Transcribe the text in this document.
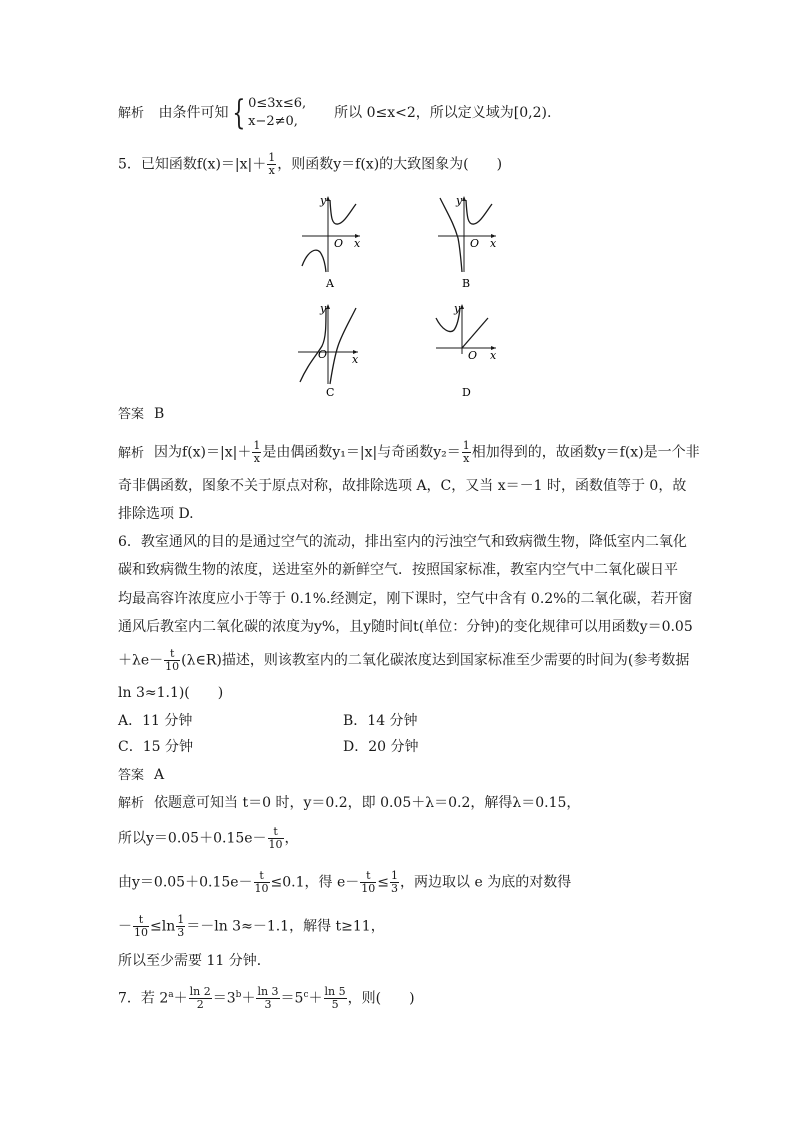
解析 由条件可知 { 0≤3x≤6,
x−2≠0,
所以 0≤x<2，所以定义域为[0,2).
5．已知函数$f(x)=|x|+ \frac{1}{x}$ ，则函数y＝f(x)的大致图象为(　　)
y
O x
A
y
O x
B
y
O x
C
y
O x
D
答案 B
解析 因为$f(x)=|x|+ \frac{1}{x}$ 是由偶函数y₁＝|x|与奇函数$y_2= \frac{1}{x}$ 相加得到的，故函数y＝f(x)是一个非
奇非偶函数，图象不关于原点对称，故排除选项 A，C，又当 x＝－1 时，函数值等于 0，故
排除选项 D.
6．教室通风的目的是通过空气的流动，排出室内的污浊空气和致病微生物，降低室内二氧化
碳和致病微生物的浓度，送进室外的新鲜空气．按照国家标准，教室内空气中二氧化碳日平
均最高容许浓度应小于等于 0.1%.经测定，刚下课时，空气中含有 0.2%的二氧化碳，若开窗
通风后教室内二氧化碳的浓度为y%，且y随时间t(单位：分钟)的变化规律可以用函数y＝0.05
$+\lambda e- \frac{t}{10}$ (λ∈R)描述，则该教室内的二氧化碳浓度达到国家标准至少需要的时间为(参考数据
ln 3≈1.1)(　　)
A．11 分钟	B．14 分钟
C．15 分钟	D．20 分钟
答案 A
解析 依题意可知当 t＝0 时，y＝0.2，即 0.05＋λ＝0.2，解得λ＝0.15，
所以$y=0.05+0.15e- \frac{t}{10}$ ，
由$y=0.05+0.15e- \frac{t}{10} \le 0.1$，得 $e- \frac{t}{10} \le \frac{1}{3}$ ，两边取以 e 为底的对数得
－ $\frac{t}{10} \le\ln \frac{1}{3} =-\ln$ 3≈－1.1，解得 t≥11，
所以至少需要 11 分钟．
7．若 $2^a+ \frac{\ln 2}{2} =3^b+ \frac{\ln 3}{3} =5^c+ \frac{\ln 5}{5}$ ，则(　　)
